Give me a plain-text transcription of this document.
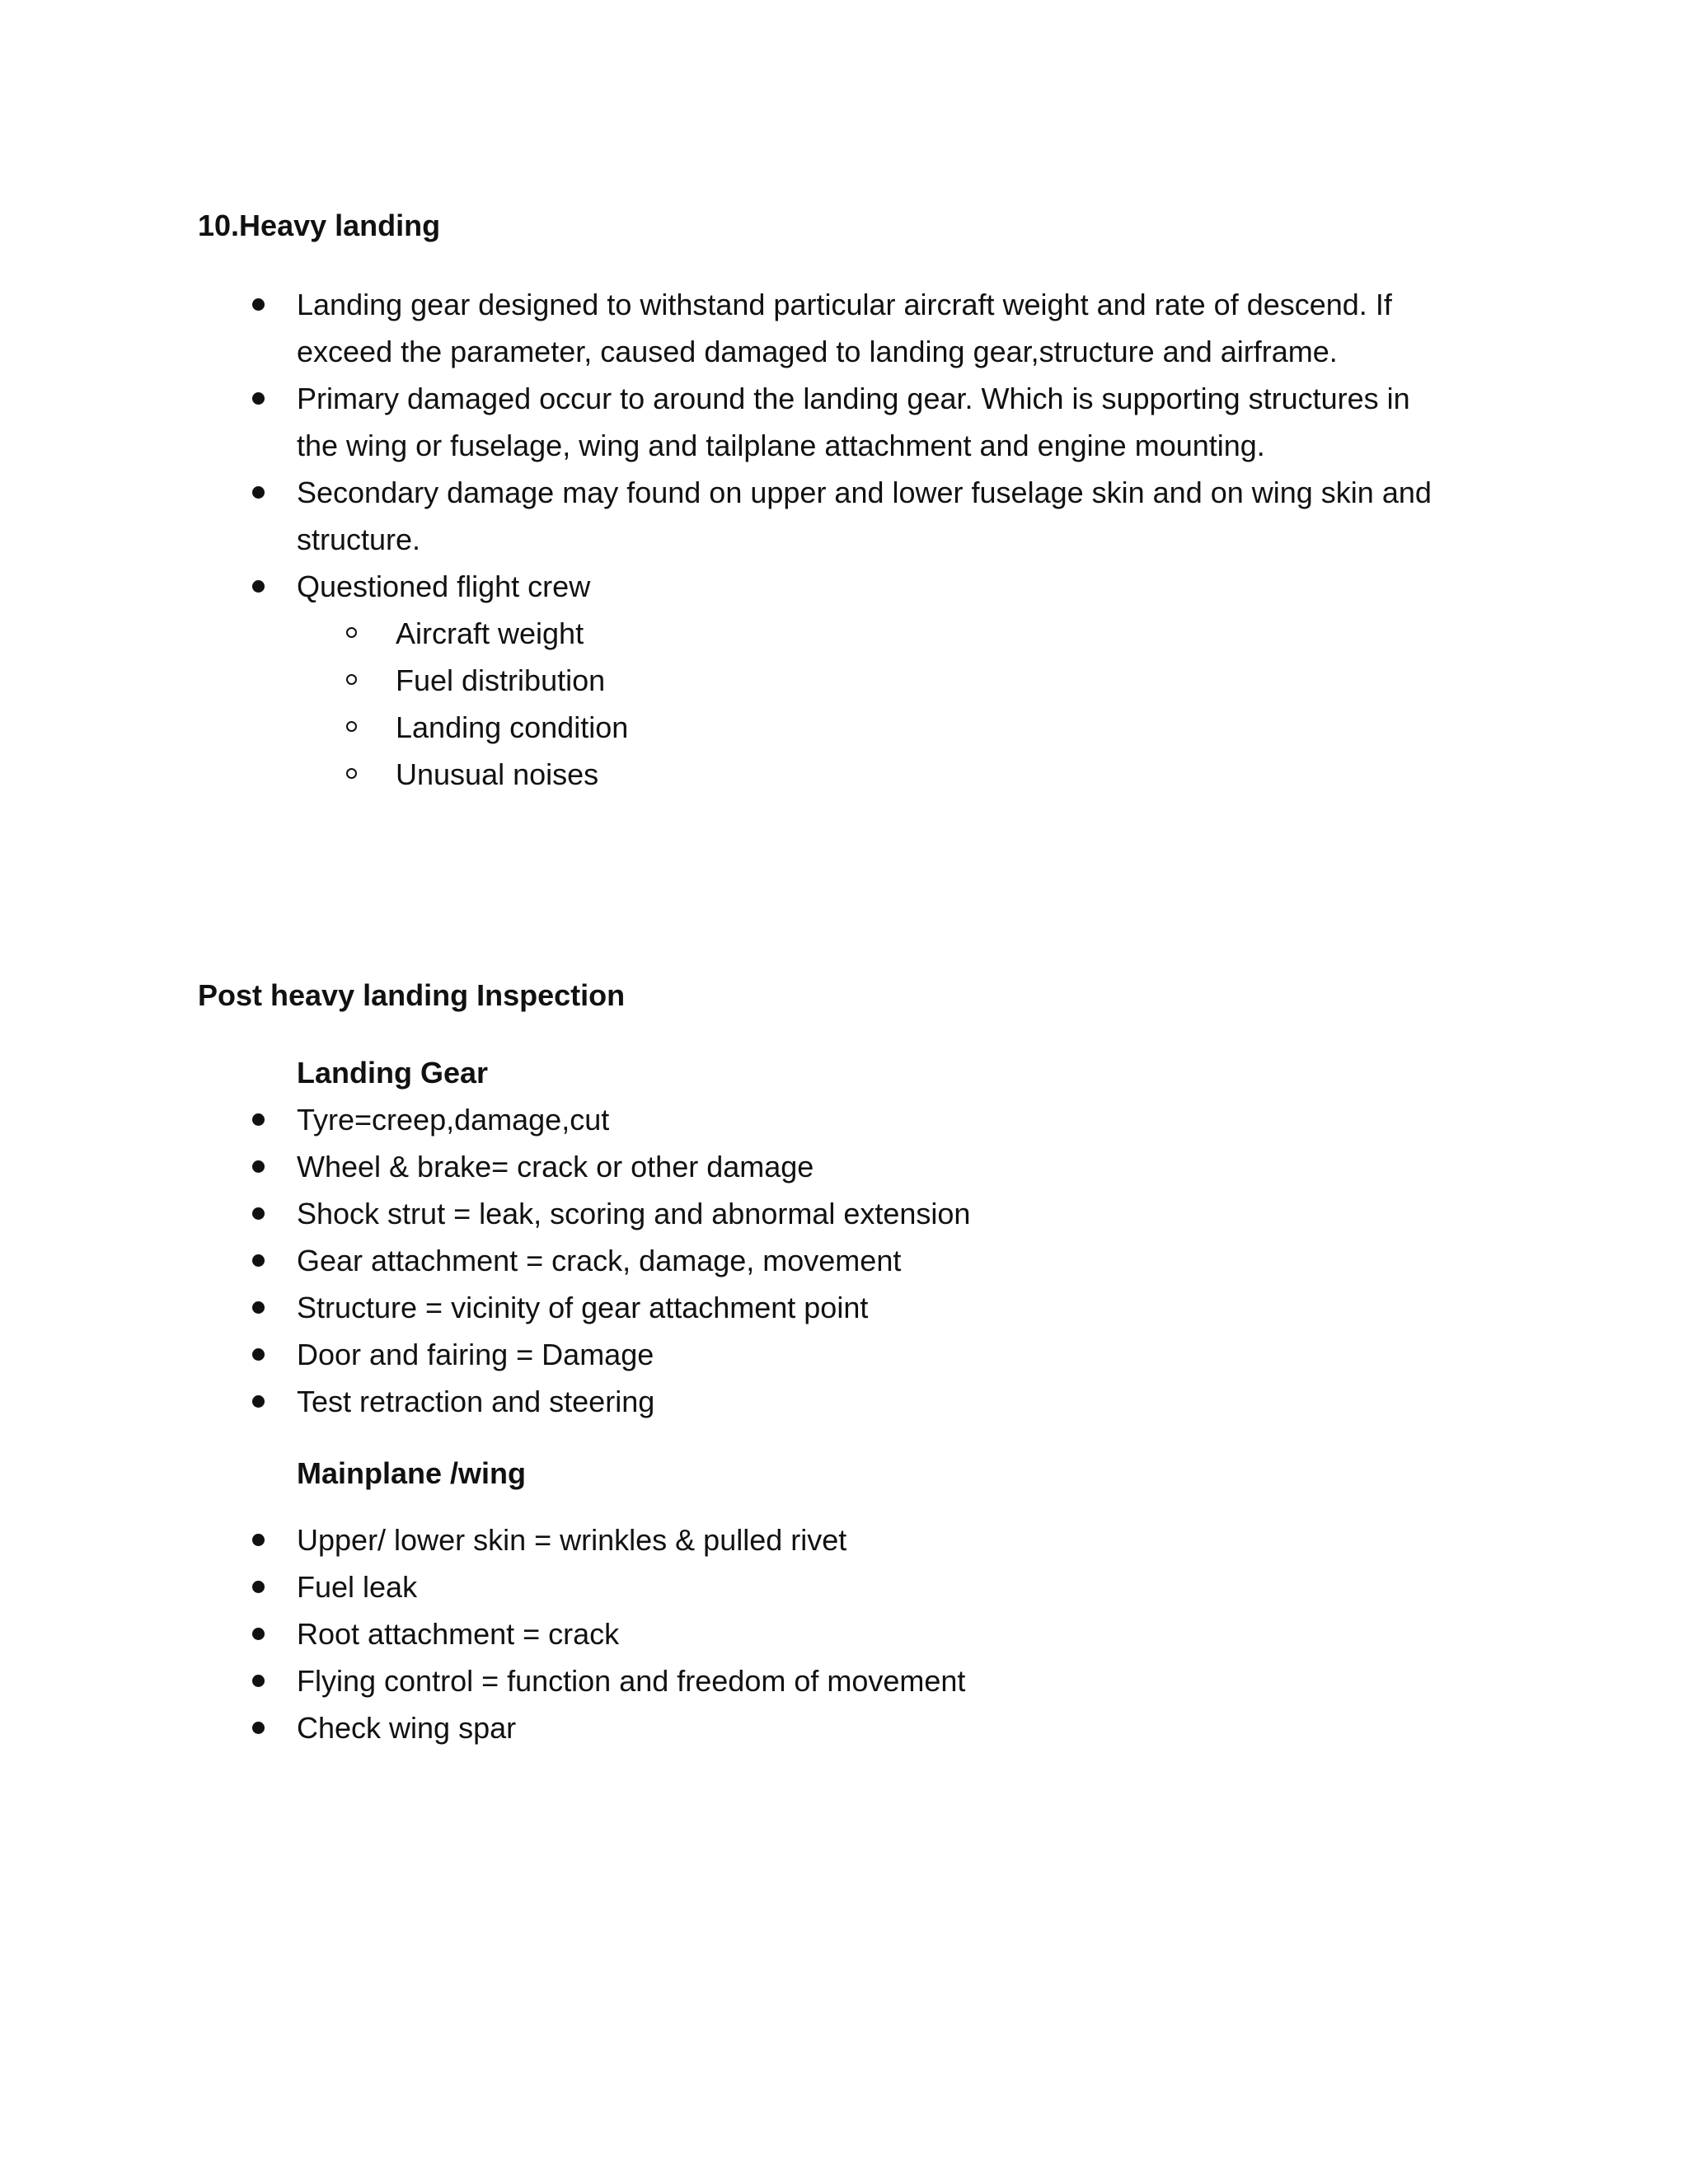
10.Heavy landing
Landing gear designed to withstand particular aircraft weight and rate of descend. If exceed the parameter, caused damaged to landing gear,structure and airframe.
Primary damaged occur to around the landing gear. Which is supporting structures in the wing or fuselage, wing and tailplane attachment and engine mounting.
Secondary damage may found on upper and lower fuselage skin and on wing skin and structure.
Questioned flight crew
Aircraft weight
Fuel distribution
Landing condition
Unusual noises
Post heavy landing Inspection
Landing Gear
Tyre=creep,damage,cut
Wheel & brake= crack or other damage
Shock strut = leak, scoring and abnormal extension
Gear attachment = crack, damage, movement
Structure = vicinity of gear attachment point
Door and fairing = Damage
Test retraction and steering
Mainplane /wing
Upper/ lower skin = wrinkles & pulled rivet
Fuel leak
Root attachment = crack
Flying control = function and freedom of movement
Check wing spar
